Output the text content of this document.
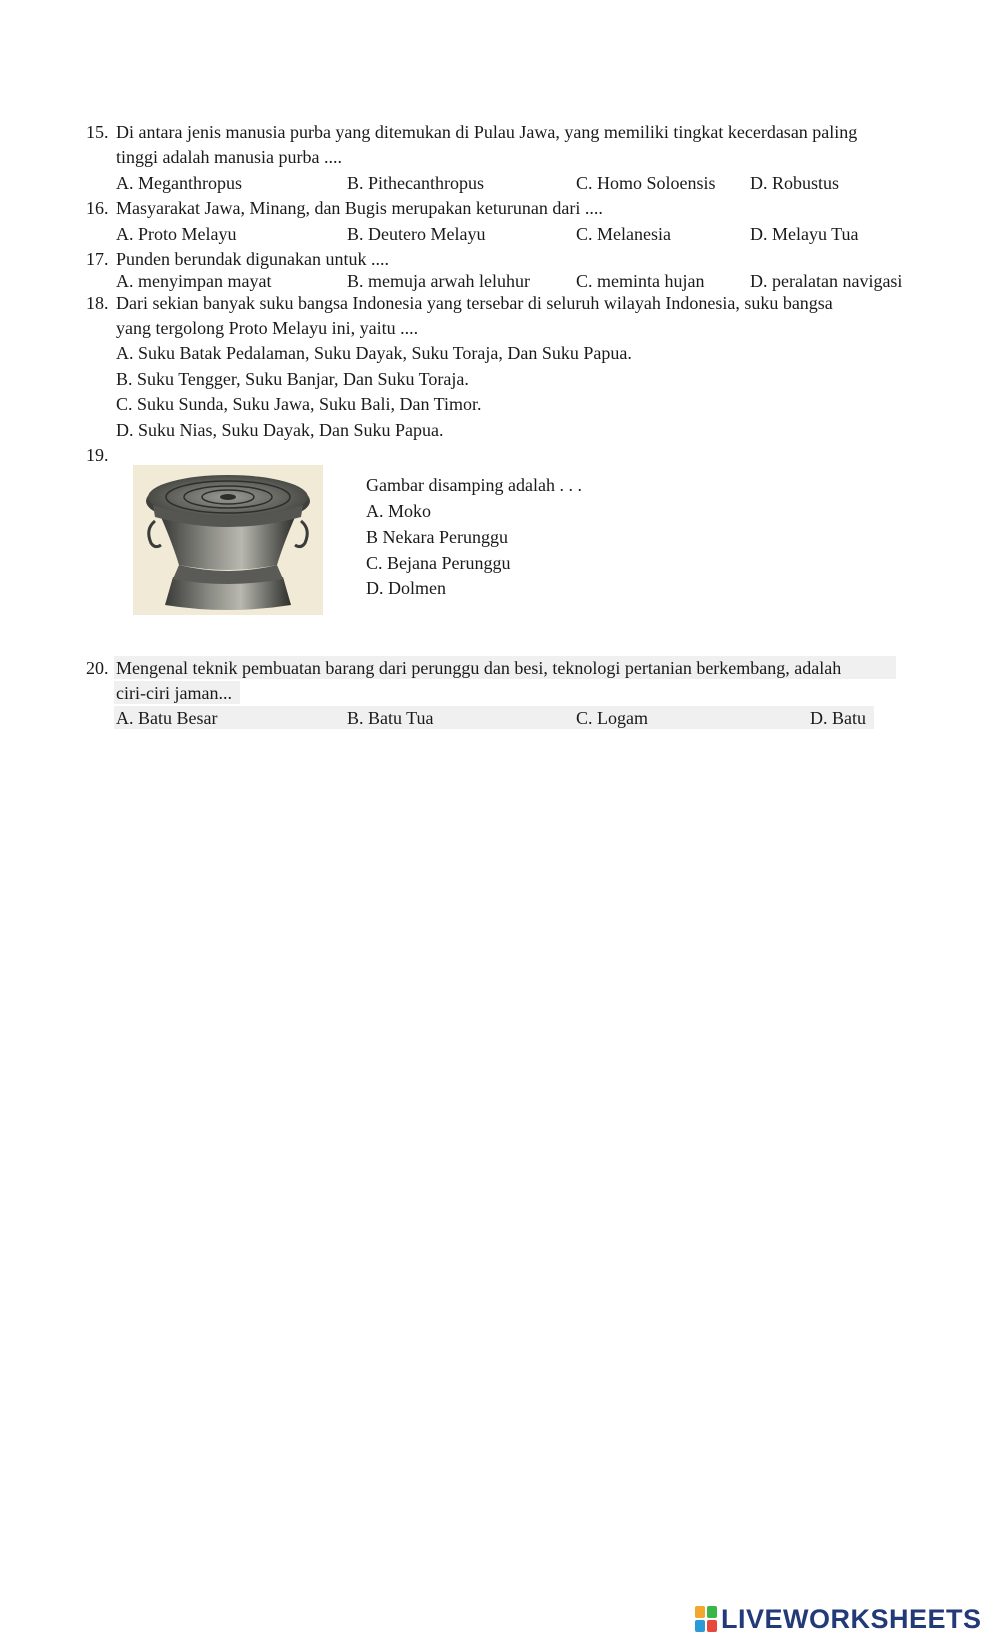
15. Di antara jenis manusia purba yang ditemukan di Pulau Jawa, yang memiliki tingkat kecerdasan paling
tinggi adalah manusia purba ....
A. Meganthropus	B. Pithecanthropus	C. Homo Soloensis D. Robustus
16. Masyarakat Jawa, Minang, dan Bugis merupakan keturunan dari ....
A. Proto Melayu	B. Deutero Melayu	C. Melanesia	D. Melayu Tua
17. Punden berundak digunakan untuk ....
A. menyimpan mayat	B. memuja arwah leluhur	C. meminta hujan	D. peralatan navigasi
18. Dari sekian banyak suku bangsa Indonesia yang tersebar di seluruh wilayah Indonesia, suku bangsa
yang tergolong Proto Melayu ini, yaitu ....
A. Suku Batak Pedalaman, Suku Dayak, Suku Toraja, Dan Suku Papua.
B. Suku Tengger, Suku Banjar, Dan Suku Toraja.
C. Suku Sunda, Suku Jawa, Suku Bali, Dan Timor.
D. Suku Nias, Suku Dayak, Dan Suku Papua.
19.
Gambar disamping adalah . . .
A. Moko
B Nekara Perunggu
C. Bejana Perunggu
D. Dolmen
20. Mengenal teknik pembuatan barang dari perunggu dan besi, teknologi pertanian berkembang, adalah
ciri-ciri jaman...
A. Batu Besar	B. Batu Tua	C. Logam	D. Batu
LIVEWORKSHEETS
